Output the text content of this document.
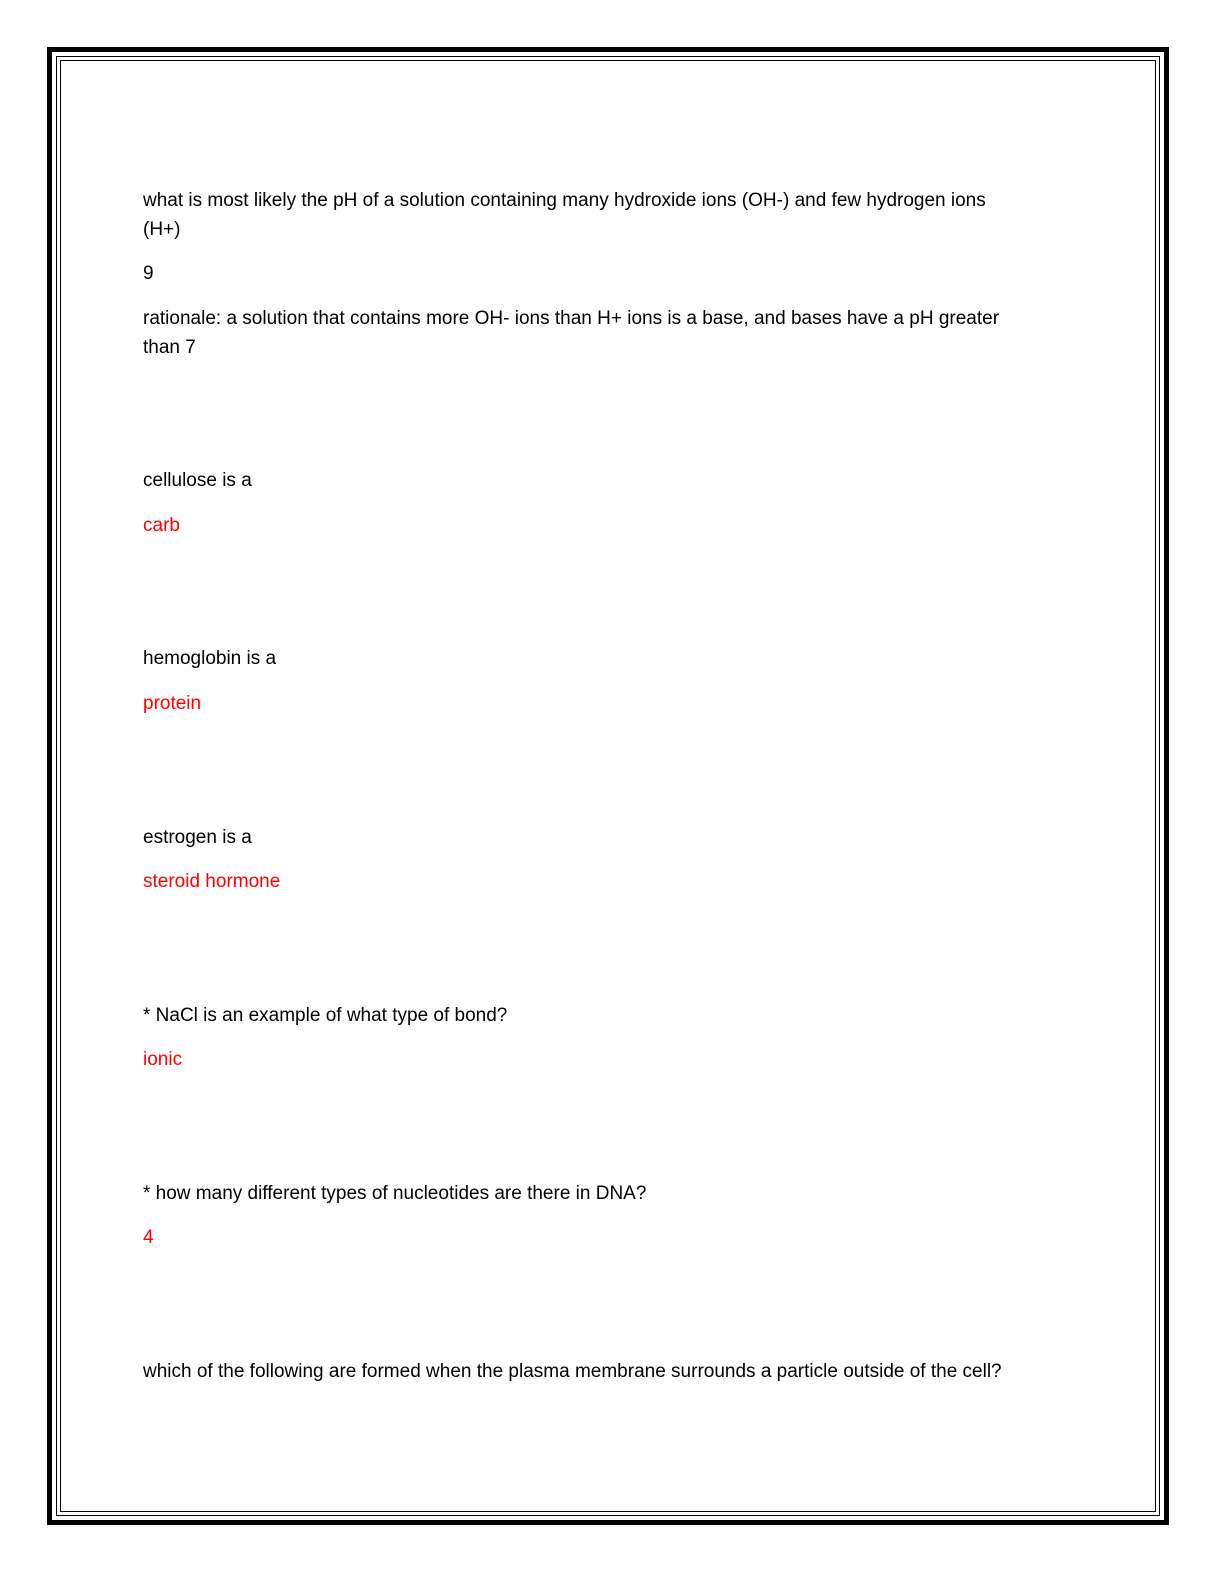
what is most likely the pH of a solution containing many hydroxide ions (OH-) and few hydrogen ions
(H+)
9
rationale: a solution that contains more OH- ions than H+ ions is a base, and bases have a pH greater
than 7
cellulose is a
carb
hemoglobin is a
protein
estrogen is a
steroid hormone
* NaCl is an example of what type of bond?
ionic
* how many different types of nucleotides are there in DNA?
4
which of the following are formed when the plasma membrane surrounds a particle outside of the cell?
